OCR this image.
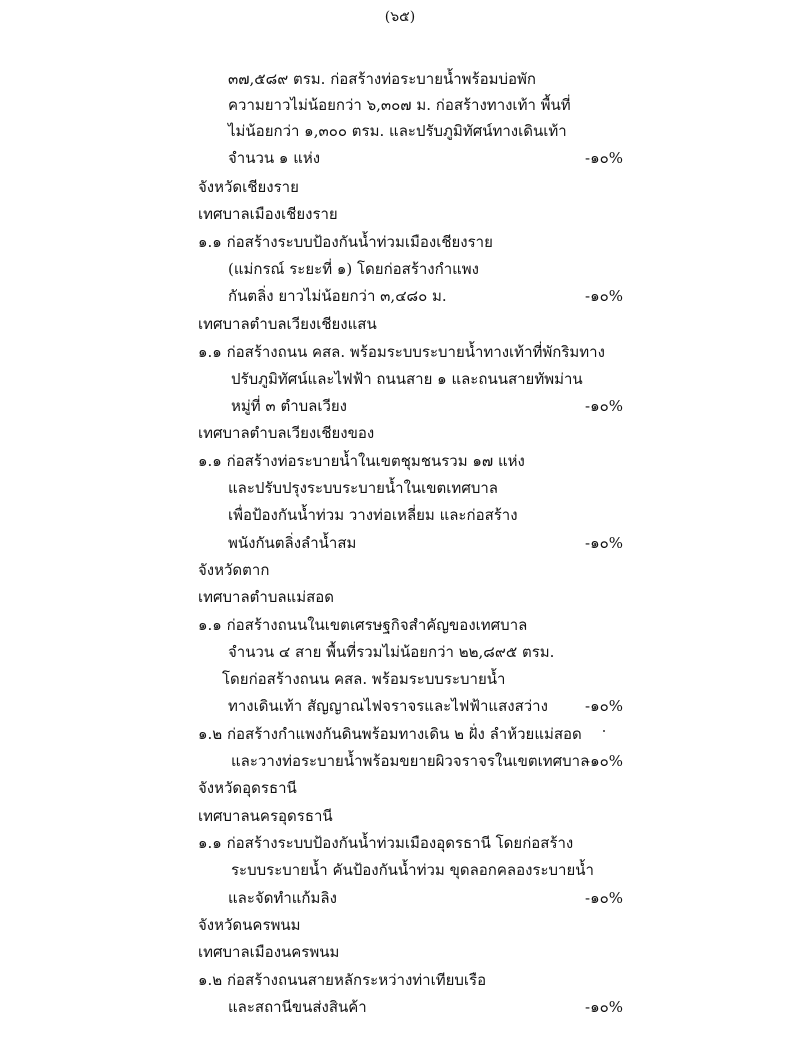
(๖๕)
๓๗,๕๘๙ ตรม. ก่อสร้างท่อระบายน้ำพร้อมบ่อพัก
ความยาวไม่น้อยกว่า ๖,๓๐๗ ม. ก่อสร้างทางเท้า พื้นที่
ไม่น้อยกว่า ๑,๓๐๐ ตรม. และปรับภูมิทัศน์ทางเดินเท้า
จำนวน ๑ แห่ง
จังหวัดเชียงราย
เทศบาลเมืองเชียงราย
๑.๑ ก่อสร้างระบบป้องกันน้ำท่วมเมืองเชียงราย
(แม่กรณ์ ระยะที่ ๑) โดยก่อสร้างกำแพง
กันตลิ่ง ยาวไม่น้อยกว่า ๓,๔๘๐ ม.
เทศบาลตำบลเวียงเชียงแสน
๑.๑ ก่อสร้างถนน คสล. พร้อมระบบระบายน้ำทางเท้าที่พักริมทาง
ปรับภูมิทัศน์และไฟฟ้า ถนนสาย ๑ และถนนสายทัพม่าน
หมู่ที่ ๓ ตำบลเวียง
เทศบาลตำบลเวียงเชียงของ
๑.๑ ก่อสร้างท่อระบายน้ำในเขตชุมชนรวม ๑๗ แห่ง
และปรับปรุงระบบระบายน้ำในเขตเทศบาล
เพื่อป้องกันน้ำท่วม วางท่อเหลี่ยม และก่อสร้าง
พนังกันตลิ่งลำน้ำสม
จังหวัดตาก
เทศบาลตำบลแม่สอด
๑.๑ ก่อสร้างถนนในเขตเศรษฐกิจสำคัญของเทศบาล
จำนวน ๔ สาย พื้นที่รวมไม่น้อยกว่า ๒๒,๘๙๕ ตรม.
โดยก่อสร้างถนน คสล. พร้อมระบบระบายน้ำ
ทางเดินเท้า สัญญาณไฟจราจรและไฟฟ้าแสงสว่าง
๑.๒ ก่อสร้างกำแพงกันดินพร้อมทางเดิน ๒ ฝั่ง ลำห้วยแม่สอด
และวางท่อระบายน้ำพร้อมขยายผิวจราจรในเขตเทศบาล
จังหวัดอุดรธานี
เทศบาลนครอุดรธานี
๑.๑ ก่อสร้างระบบป้องกันน้ำท่วมเมืองอุดรธานี โดยก่อสร้าง
ระบบระบายน้ำ คันป้องกันน้ำท่วม ขุดลอกคลองระบายน้ำ
และจัดทำแก้มลิง
จังหวัดนครพนม
เทศบาลเมืองนครพนม
๑.๒ ก่อสร้างถนนสายหลักระหว่างท่าเทียบเรือ
และสถานีขนส่งสินค้า
-๑๐%
-๑๐%
-๑๐%
-๑๐%
-๑๐%
-๑๐%
-๑๐%
-๑๐%
